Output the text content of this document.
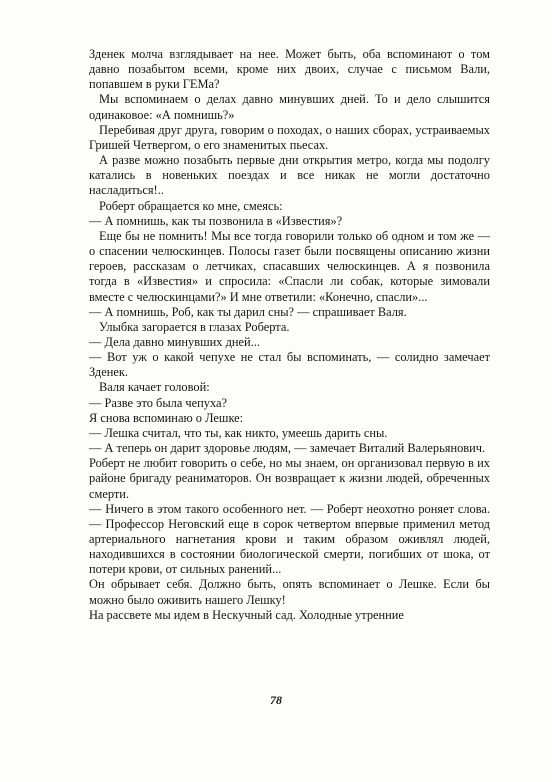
Зденек молча взглядывает на нее. Может быть, оба вспоминают о том давно позабытом всеми, кроме них двоих, случае с письмом Вали, попавшем в руки ГЕМа?

Мы вспоминаем о делах давно минувших дней. То и дело слышится одинаковое: «А помнишь?»

Перебивая друг друга, говорим о походах, о наших сборах, устраиваемых Гришей Четвергом, о его знаменитых пьесах.

А разве можно позабыть первые дни открытия метро, когда мы подолгу катались в новеньких поездах и все никак не могли достаточно насладиться!..

Роберт обращается ко мне, смеясь:

— А помнишь, как ты позвонила в «Известия»?

Еще бы не помнить! Мы все тогда говорили только об одном и том же — о спасении челюскинцев. Полосы газет были посвящены описанию жизни героев, рассказам о летчиках, спасавших челюскинцев. А я позвонила тогда в «Известия» и спросила: «Спасли ли собак, которые зимовали вместе с челюскинцами?» И мне ответили: «Конечно, спасли»...

— А помнишь, Роб, как ты дарил сны? — спрашивает Валя.

Улыбка загорается в глазах Роберта.

— Дела давно минувших дней...

— Вот уж о какой чепухе не стал бы вспоминать, — солидно замечает Зденек.

Валя качает головой:

— Разве это была чепуха?

Я снова вспоминаю о Лешке:

— Лешка считал, что ты, как никто, умеешь дарить сны.

— А теперь он дарит здоровье людям, — замечает Виталий Валерьянович.

Роберт не любит говорить о себе, но мы знаем, он организовал первую в их районе бригаду реаниматоров. Он возвращает к жизни людей, обреченных смерти.

— Ничего в этом такого особенного нет. — Роберт неохотно роняет слова. — Профессор Неговский еще в сорок четвертом впервые применил метод артериального нагнетания крови и таким образом оживлял людей, находившихся в состоянии биологической смерти, погибших от шока, от потери крови, от сильных ранений...

Он обрывает себя. Должно быть, опять вспоминает о Лешке. Если бы можно было оживить нашего Лешку!

На рассвете мы идем в Нескучный сад. Холодные утренние

78
